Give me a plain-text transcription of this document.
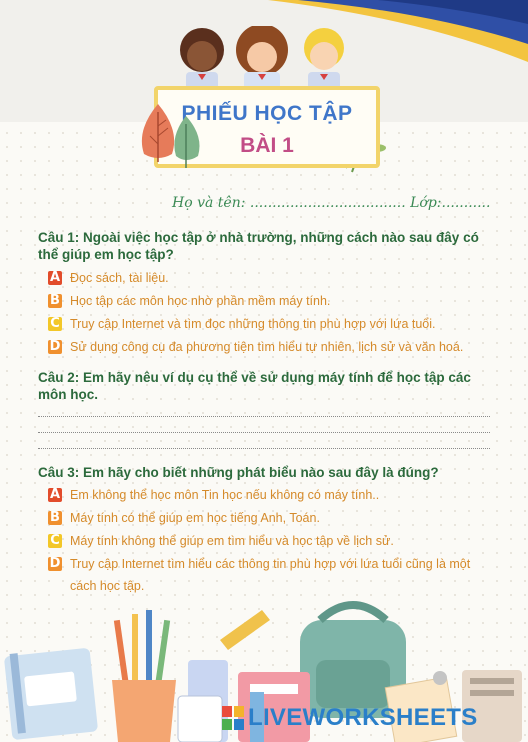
PHIẾU HỌC TẬP
BÀI 1
Họ và tên: ................................... Lớp:...........
Câu 1: Ngoài việc học tập ở nhà trường, những cách nào sau đây có thể giúp em học tập?
A Đọc sách, tài liệu.
B Học tập các môn học nhờ phần mềm máy tính.
C Truy cập Internet và tìm đọc những thông tin phù hợp với lứa tuổi.
D Sử dụng công cụ đa phương tiện tìm hiểu tự nhiên, lịch sử và văn hoá.
Câu 2: Em hãy nêu ví dụ cụ thể về sử dụng máy tính để học tập các môn học.
Câu 3: Em hãy cho biết những phát biểu nào sau đây là đúng?
A Em không thể học môn Tin học nếu không có máy tính..
B Máy tính có thể giúp em học tiếng Anh, Toán.
C Máy tính không thể giúp em tìm hiểu và học tập về lịch sử.
D Truy cập Internet tìm hiểu các thông tin phù hợp với lứa tuổi cũng là một cách học tập.
LIVEWORKSHEETS
